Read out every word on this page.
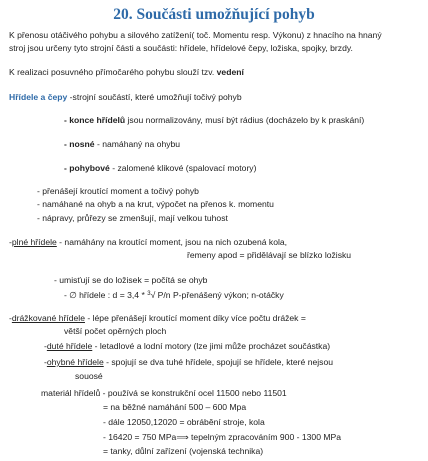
20. Součásti umožňující pohyb
K přenosu otáčivého pohybu a silového zatížení( toč. Momentu resp. Výkonu) z hnacího na hnaný
stroj jsou určeny tyto strojní části a součásti: hřídele, hřídelové čepy, ložiska, spojky, brzdy.
K realizaci posuvného přímočarého pohybu slouží tzv. vedení
Hřídele a čepy -strojní součástí, které umožňují točivý pohyb
- konce hřídelů jsou normalizovány, musí být rádius (docházelo by k praskání)
- nosné - namáhaný na ohybu
- pohybové - zalomené klikové (spalovací motory)
- přenášejí kroutící moment a točivý pohyb
- namáhané na ohyb a na krut, výpočet na přenos k. momentu
- nápravy, průřezy se zmenšují, mají velkou tuhost
-plné hřídele - namáhány na kroutící moment, jsou na nich ozubená kola,
řemeny apod = přidělávají se blízko ložisku
- umisťují se do ložisek = počítá se ohyb
- ∅ hřídele : d = 3,4 * $^3$√ P/n P-přenášený výkon; n-otáčky
-drážkované hřídele - lépe přenášejí kroutící moment díky více počtu drážek =
větší počet opěrných ploch
-duté hřídele - letadlové a lodní motory (lze jimi může procházet součástka)
-ohybné hřídele - spojují se dva tuhé hřídele, spojují se hřídele, které nejsou
souosé
materiál hřídelů - používá se konstrukční ocel 11500 nebo 11501
= na běžné namáhání 500 – 600 Mpa
- dále 12050,12020 = obrábění stroje, kola
- 16420 = 750 MPa⟹ tepelným zpracováním 900 - 1300 MPa
= tanky, důlní zařízení (vojenská technika)
